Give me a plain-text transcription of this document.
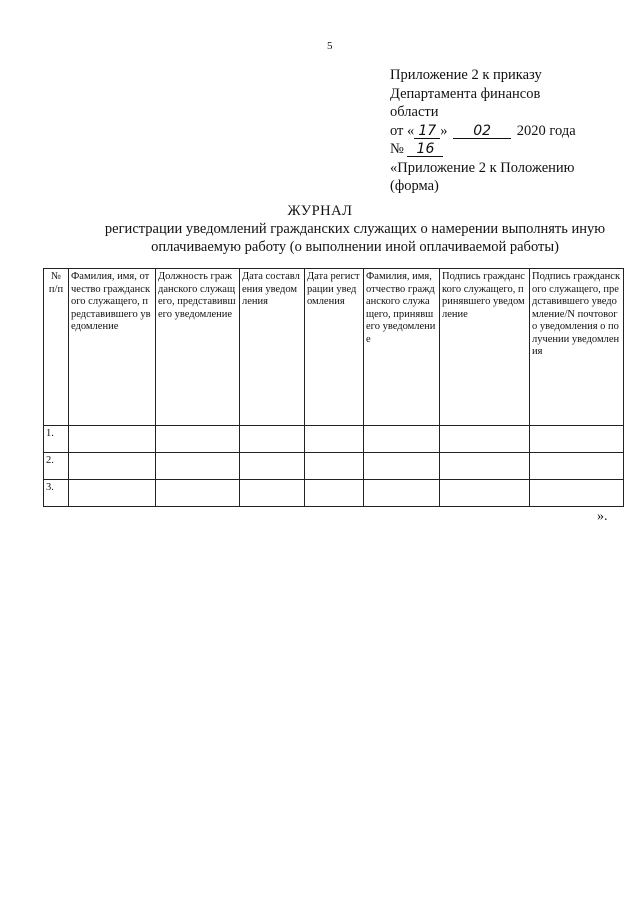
5
Приложение 2 к приказу
Департамента финансов
области
от « 17 » 02 2020 года
№ 16
«Приложение 2 к Положению
(форма)
ЖУРНАЛ
регистрации уведомлений гражданских служащих о намерении выполнять иную оплачиваемую работу (о выполнении иной оплачиваемой работы)
№ п/п	Фамилия, имя, отчество гражданского служащего, представившего уведомление	Должность гражданского служащего, представившего уведомление	Дата составления уведомления	Дата регистрации уведомления	Фамилия, имя, отчество гражданского служащего, принявшего уведомление	Подпись гражданского служащего, принявшего уведомление	Подпись гражданского служащего, представившего уведомление/N почтового уведомления о получении уведомления
1.							
2.							
3.							
».
